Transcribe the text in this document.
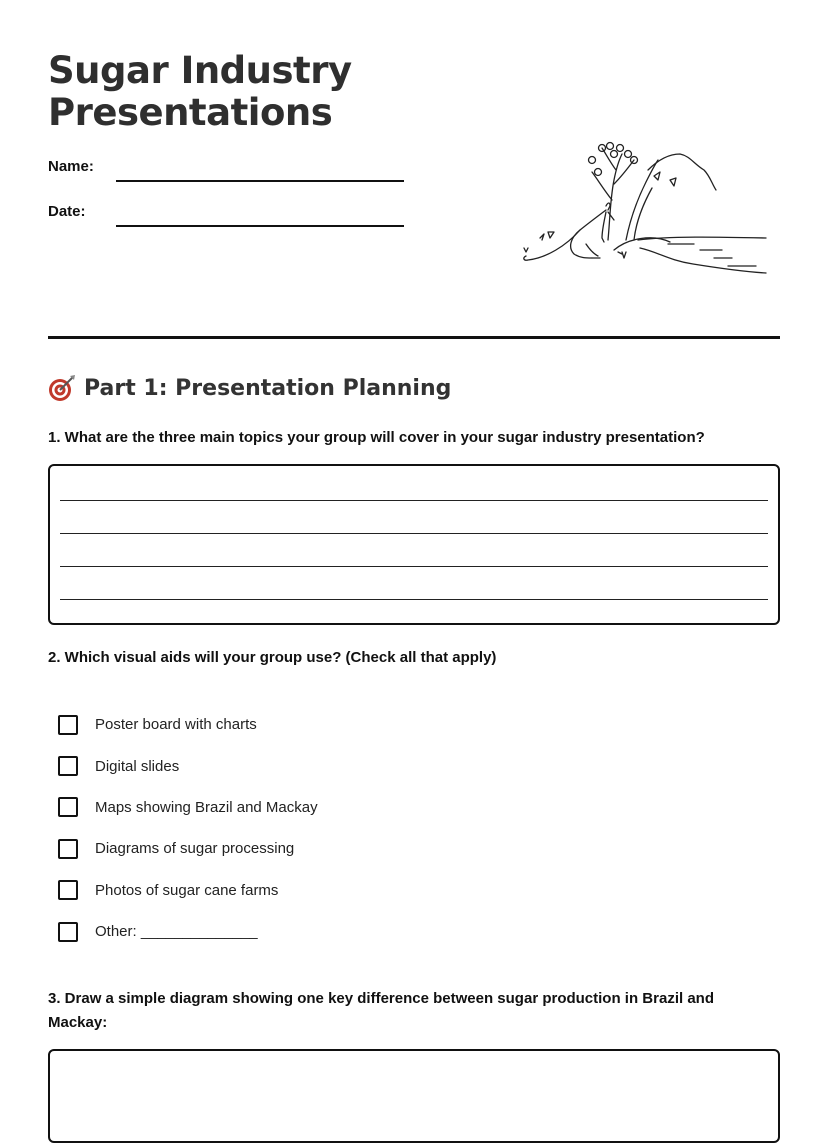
Sugar Industry
Presentations
Name:
Date:
Part 1: Presentation Planning
1. What are the three main topics your group will cover in your sugar industry presentation?
2. Which visual aids will your group use? (Check all that apply)
Poster board with charts
Digital slides
Maps showing Brazil and Mackay
Diagrams of sugar processing
Photos of sugar cane farms
Other: ______________
3. Draw a simple diagram showing one key difference between sugar production in Brazil and Mackay:
